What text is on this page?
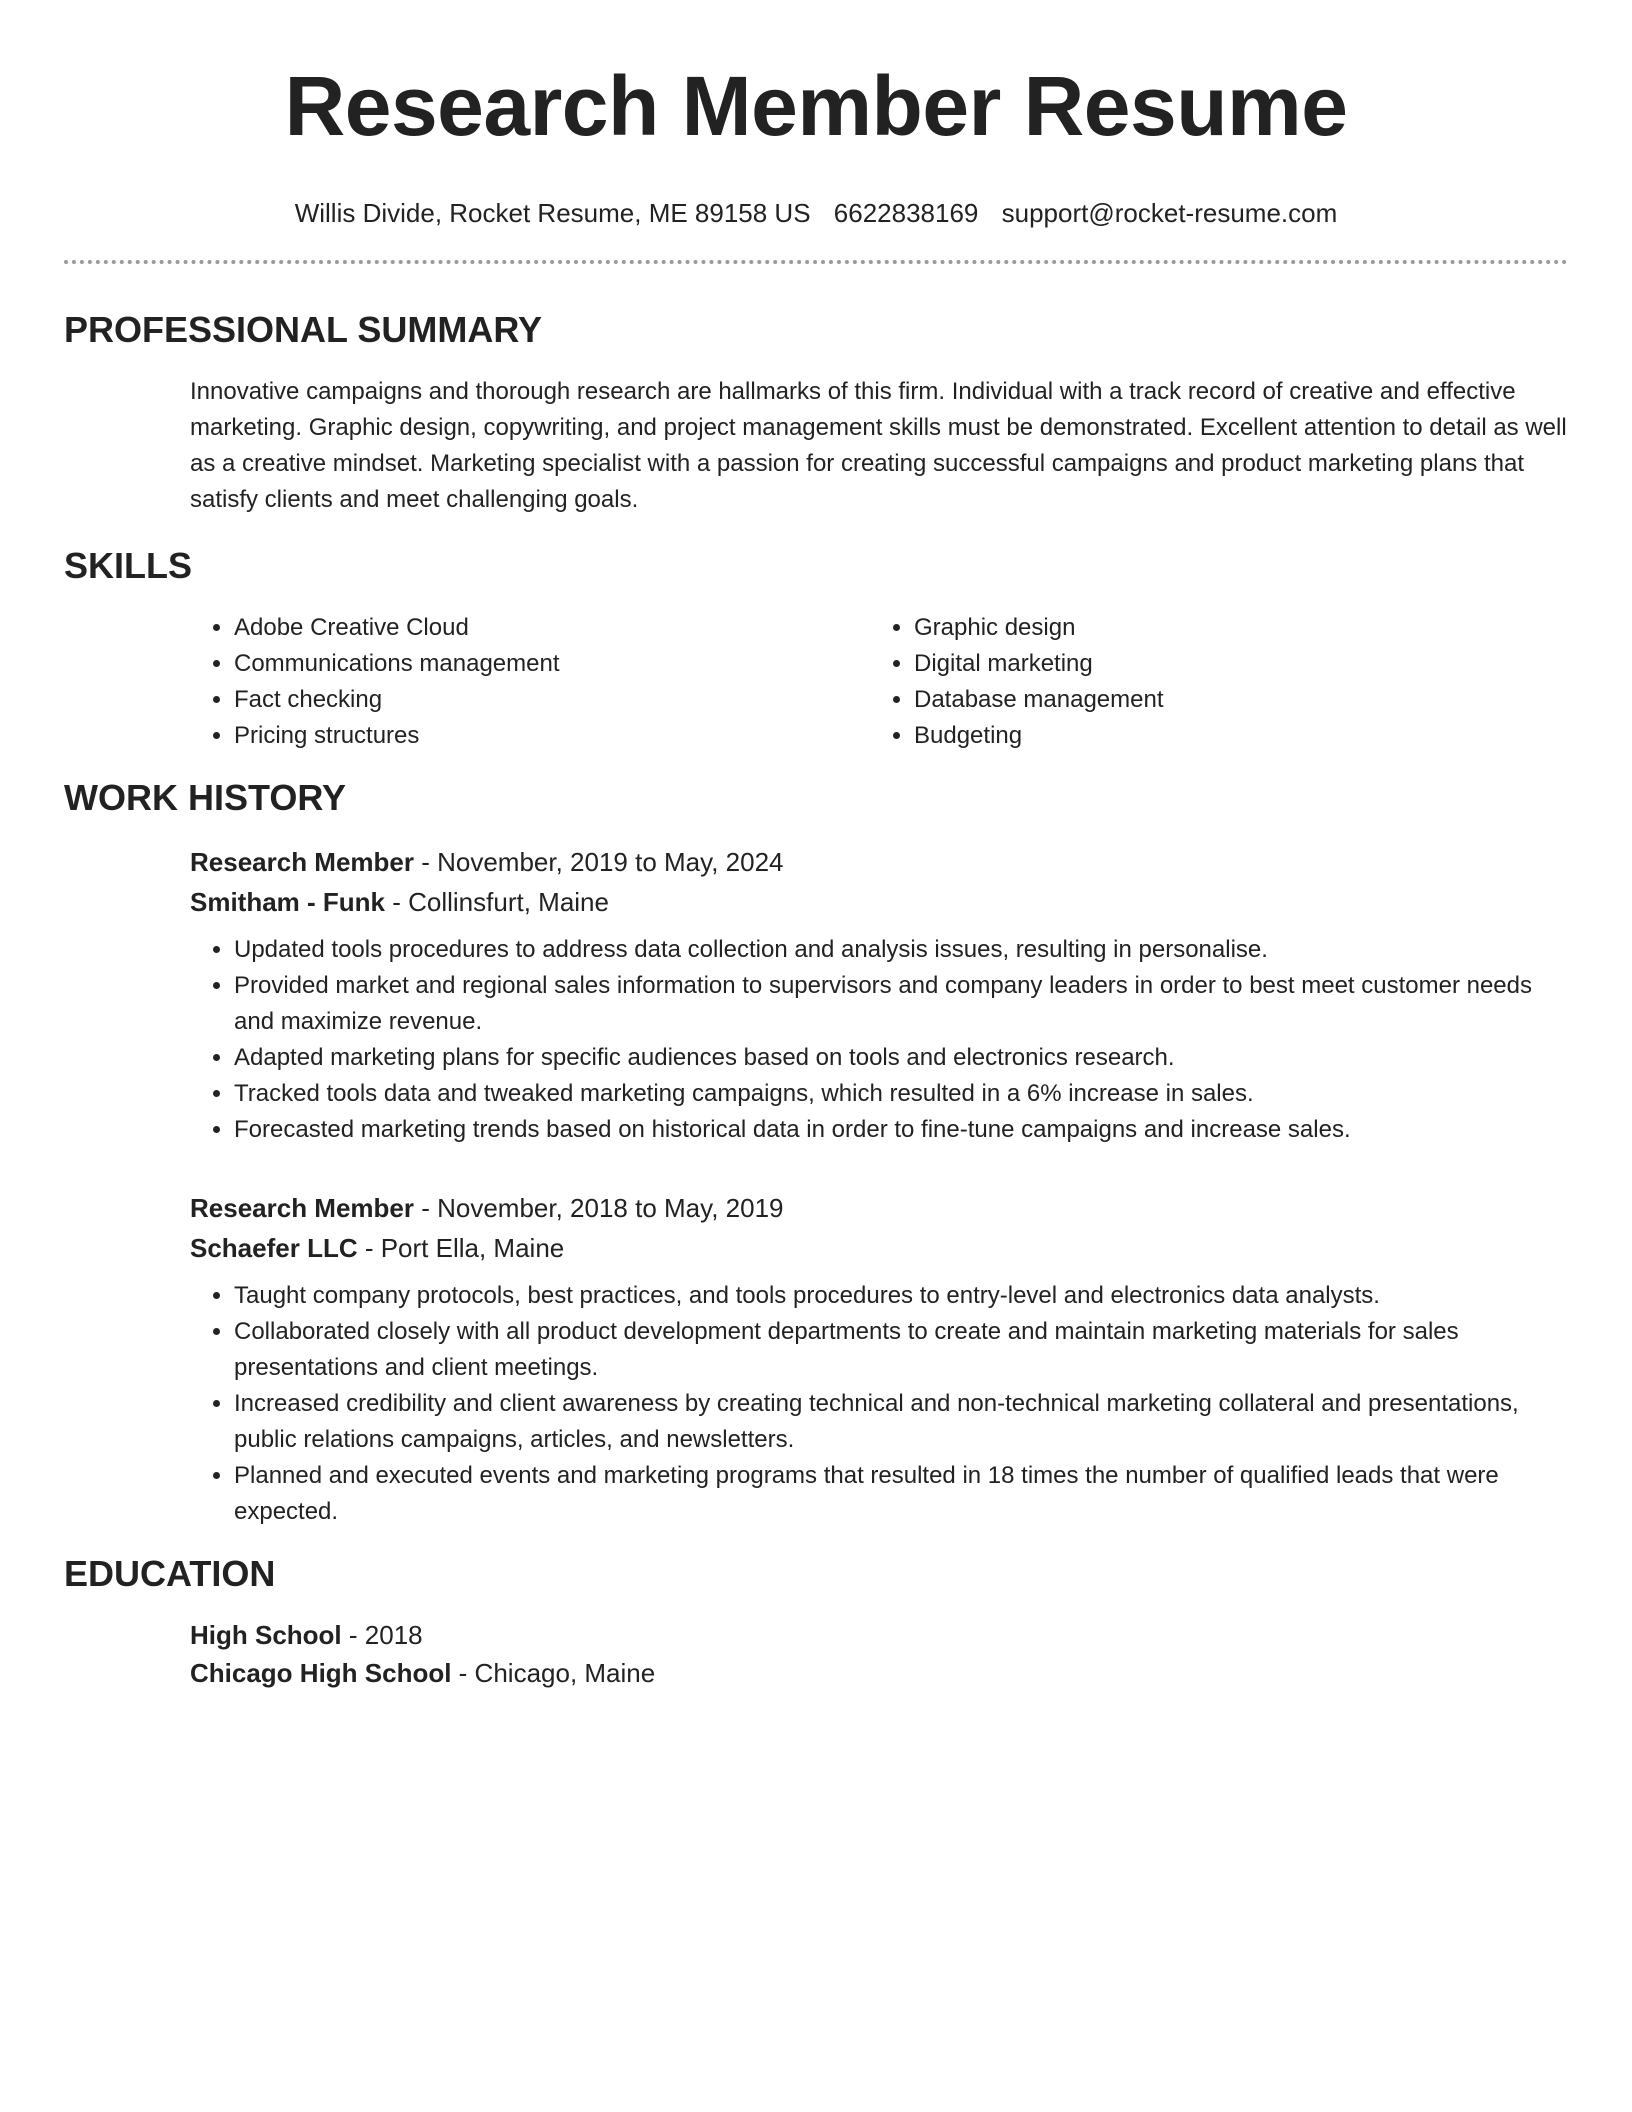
Research Member Resume
Willis Divide, Rocket Resume, ME 89158 US 6622838169 support@rocket-resume.com
PROFESSIONAL SUMMARY
Innovative campaigns and thorough research are hallmarks of this firm. Individual with a track record of creative and effective marketing. Graphic design, copywriting, and project management skills must be demonstrated. Excellent attention to detail as well as a creative mindset. Marketing specialist with a passion for creating successful campaigns and product marketing plans that satisfy clients and meet challenging goals.
SKILLS
• Adobe Creative Cloud
• Communications management
• Fact checking
• Pricing structures
• Graphic design
• Digital marketing
• Database management
• Budgeting
WORK HISTORY
Research Member - November, 2019 to May, 2024
Smitham - Funk - Collinsfurt, Maine
• Updated tools procedures to address data collection and analysis issues, resulting in personalise.
• Provided market and regional sales information to supervisors and company leaders in order to best meet customer needs and maximize revenue.
• Adapted marketing plans for specific audiences based on tools and electronics research.
• Tracked tools data and tweaked marketing campaigns, which resulted in a 6% increase in sales.
• Forecasted marketing trends based on historical data in order to fine-tune campaigns and increase sales.
Research Member - November, 2018 to May, 2019
Schaefer LLC - Port Ella, Maine
• Taught company protocols, best practices, and tools procedures to entry-level and electronics data analysts.
• Collaborated closely with all product development departments to create and maintain marketing materials for sales presentations and client meetings.
• Increased credibility and client awareness by creating technical and non-technical marketing collateral and presentations, public relations campaigns, articles, and newsletters.
• Planned and executed events and marketing programs that resulted in 18 times the number of qualified leads that were expected.
EDUCATION
High School - 2018
Chicago High School - Chicago, Maine
